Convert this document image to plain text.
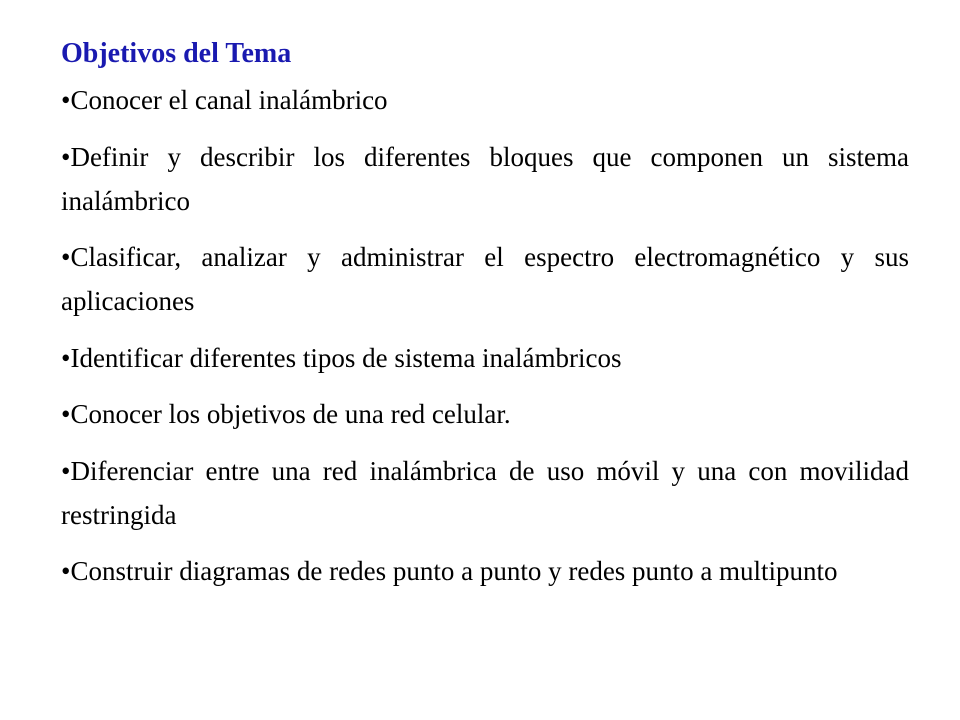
Objetivos del Tema
•Conocer el canal inalámbrico
•Definir y describir los diferentes bloques que componen un sistema inalámbrico
•Clasificar, analizar y administrar el espectro electromagnético y sus aplicaciones
•Identificar diferentes tipos de sistema inalámbricos
•Conocer los objetivos de una red celular.
•Diferenciar entre una red inalámbrica de uso móvil y una con movilidad restringida
•Construir diagramas de redes punto a punto y redes punto a multipunto
